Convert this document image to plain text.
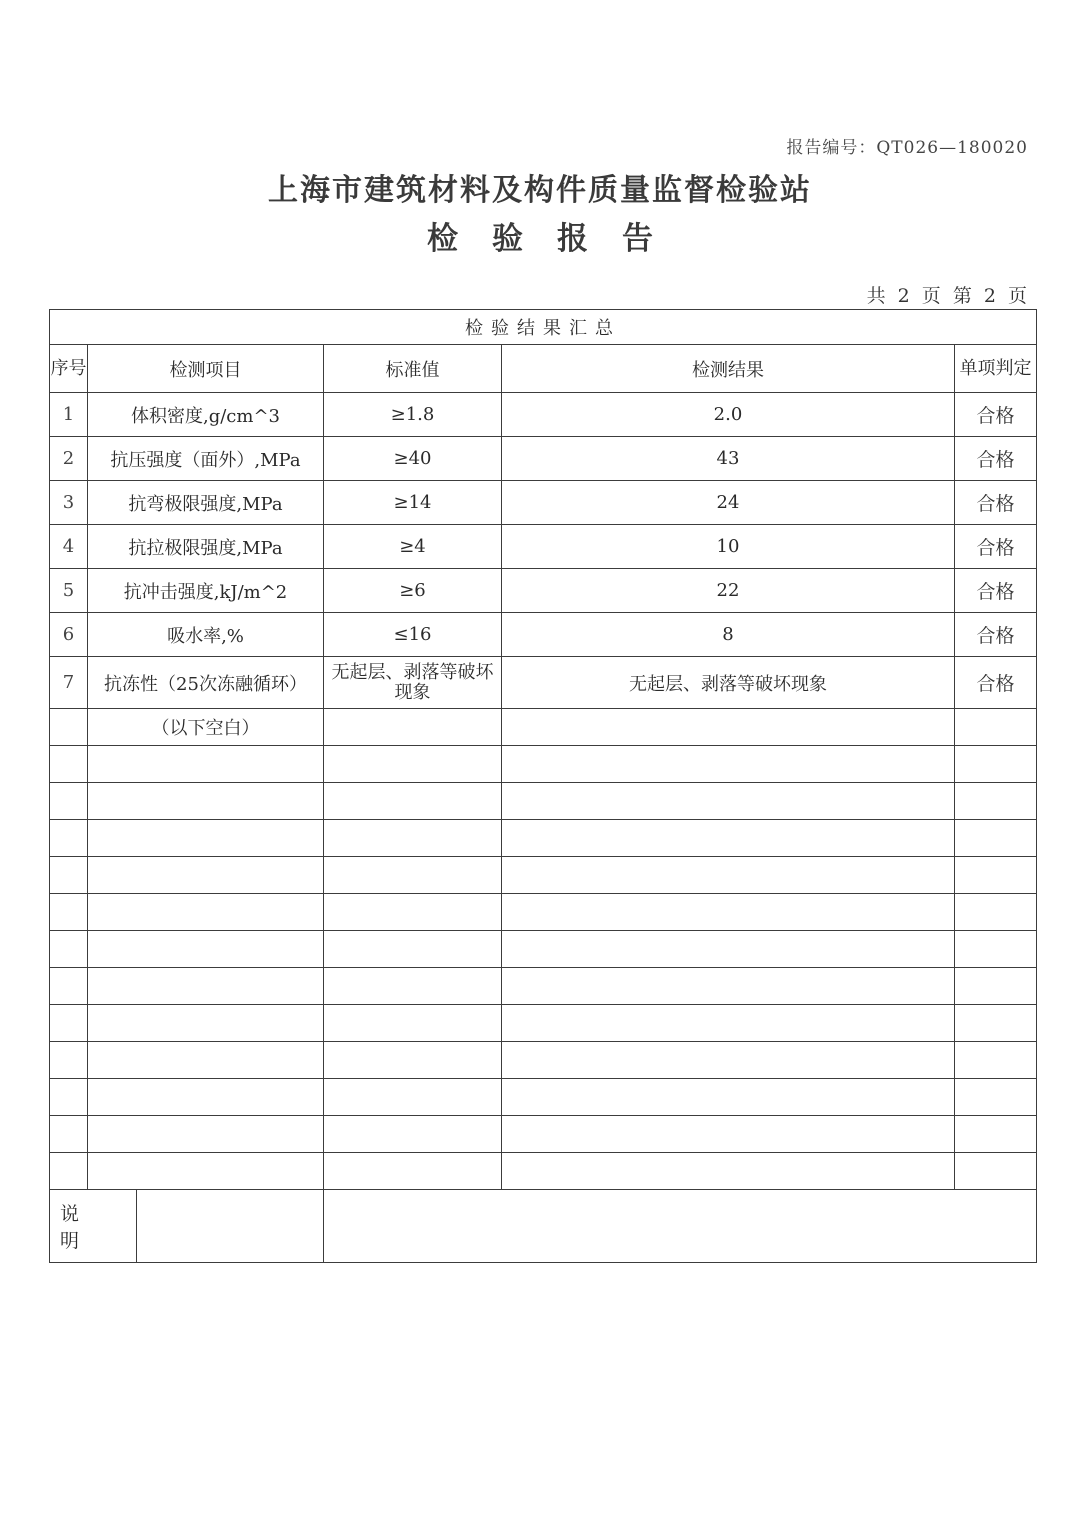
报告编号：QT026—180020
上海市建筑材料及构件质量监督检验站
检验报告
共 2 页 第 2 页
检验结果汇总				
序号	检测项目	标准值	检测结果	单项判定
1	体积密度,g/cm^3	≥1.8	2.0	合格
2	抗压强度（面外）,MPa	≥40	43	合格
3	抗弯极限强度,MPa	≥14	24	合格
4	抗拉极限强度,MPa	≥4	10	合格
5	抗冲击强度,kJ/m^2	≥6	22	合格
6	吸水率,%	≤16	8	合格
7	抗冻性（25次冻融循环）	无起层、剥落等破坏现象	无起层、剥落等破坏现象	合格
	（以下空白）			

说明				
